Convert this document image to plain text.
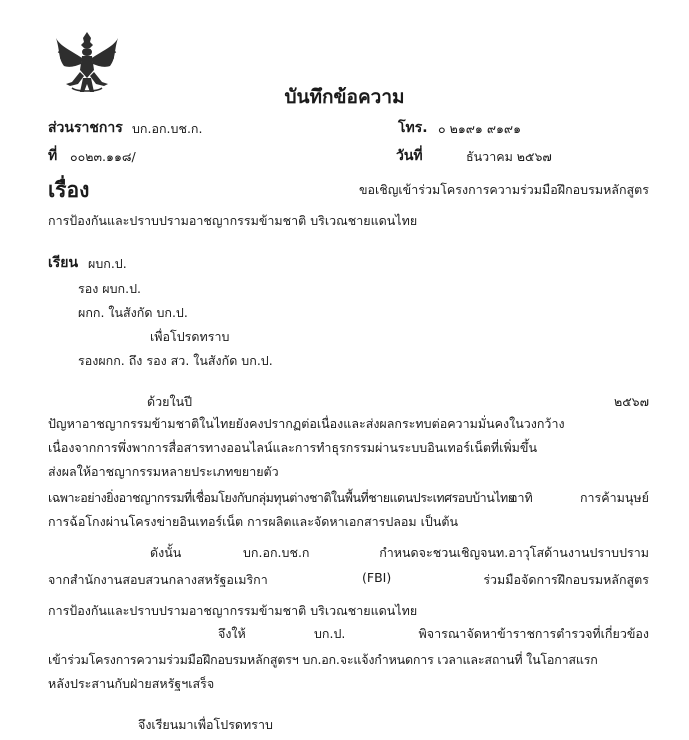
บันทึกข้อความ
ส่วนราชการ บก.อก.บช.ก.	โทร. ๐ ๒๑๙๑ ๙๑๙๑
ที่ ๐๐๒๓.๑๑๘/	วันที่	ธันวาคม ๒๕๖๗
เรื่อง	ขอเชิญเข้าร่วมโครงการความร่วมมือฝึกอบรมหลักสูตร
การป้องกันและปราบปรามอาชญากรรมข้ามชาติ บริเวณชายแดนไทย
เรียน ผบก.ป.
รอง ผบก.ป.
ผกก. ในสังกัด บก.ป.
เพื่อโปรดทราบ
รองผกก. ถึง รอง สว. ในสังกัด บก.ป.
ด้วยในปี	๒๕๖๗
ปัญหาอาชญากรรมข้ามชาติในไทยยังคงปรากฏต่อเนื่องและส่งผลกระทบต่อความมั่นคงในวงกว้าง
เนื่องจากการพึ่งพาการสื่อสารทางออนไลน์และการทำธุรกรรมผ่านระบบอินเทอร์เน็ตที่เพิ่มขึ้น
ส่งผลให้อาชญากรรมหลายประเภทขยายตัว
เฉพาะอย่างยิ่งอาชญากรรมที่เชื่อมโยงกับกลุ่มทุนต่างชาติในพื้นที่ชายแดนประเทศรอบบ้านไทย
อาทิ	การค้ามนุษย์
การฉ้อโกงผ่านโครงข่ายอินเทอร์เน็ต การผลิตและจัดหาเอกสารปลอม เป็นต้น
ดังนั้น	บก.อก.บช.ก	กำหนดจะชวนเชิญจนท.อาวุโสด้านงานปราบปราม
จากสำนักงานสอบสวนกลางสหรัฐอเมริกา	(FBI)	ร่วมมือจัดการฝึกอบรมหลักสูตร
การป้องกันและปราบปรามอาชญากรรมข้ามชาติ บริเวณชายแดนไทย
จึงให้	บก.ป.	พิจารณาจัดหาข้าราชการตำรวจที่เกี่ยวข้อง
เข้าร่วมโครงการความร่วมมือฝึกอบรมหลักสูตรฯ บก.อก.จะแจ้งกำหนดการ เวลาและสถานที่ ในโอกาสแรก
หลังประสานกับฝ่ายสหรัฐฯเสร็จ
จึงเรียนมาเพื่อโปรดทราบ
